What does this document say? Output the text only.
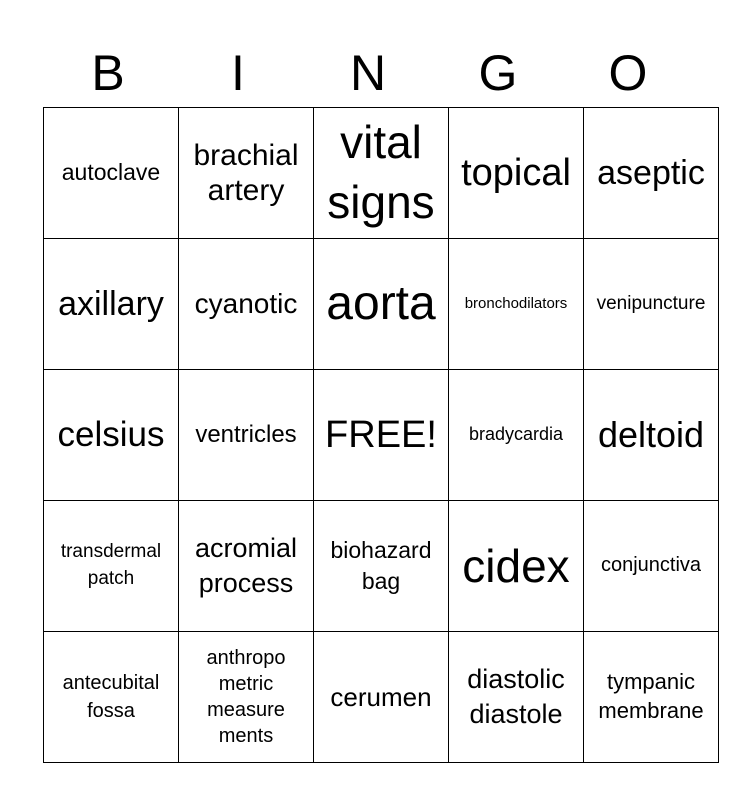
B	I	N	G	O
autoclave	brachial artery	vital signs	topical	aseptic

axillary	cyanotic	aorta	bronchodilators	venipuncture

celsius	ventricles	FREE!	bradycardia	deltoid

transdermal patch	acromial process	biohazard bag	cidex	conjunctiva

antecubital fossa	anthropo metric measure ments	cerumen	diastolic diastole	tympanic membrane
